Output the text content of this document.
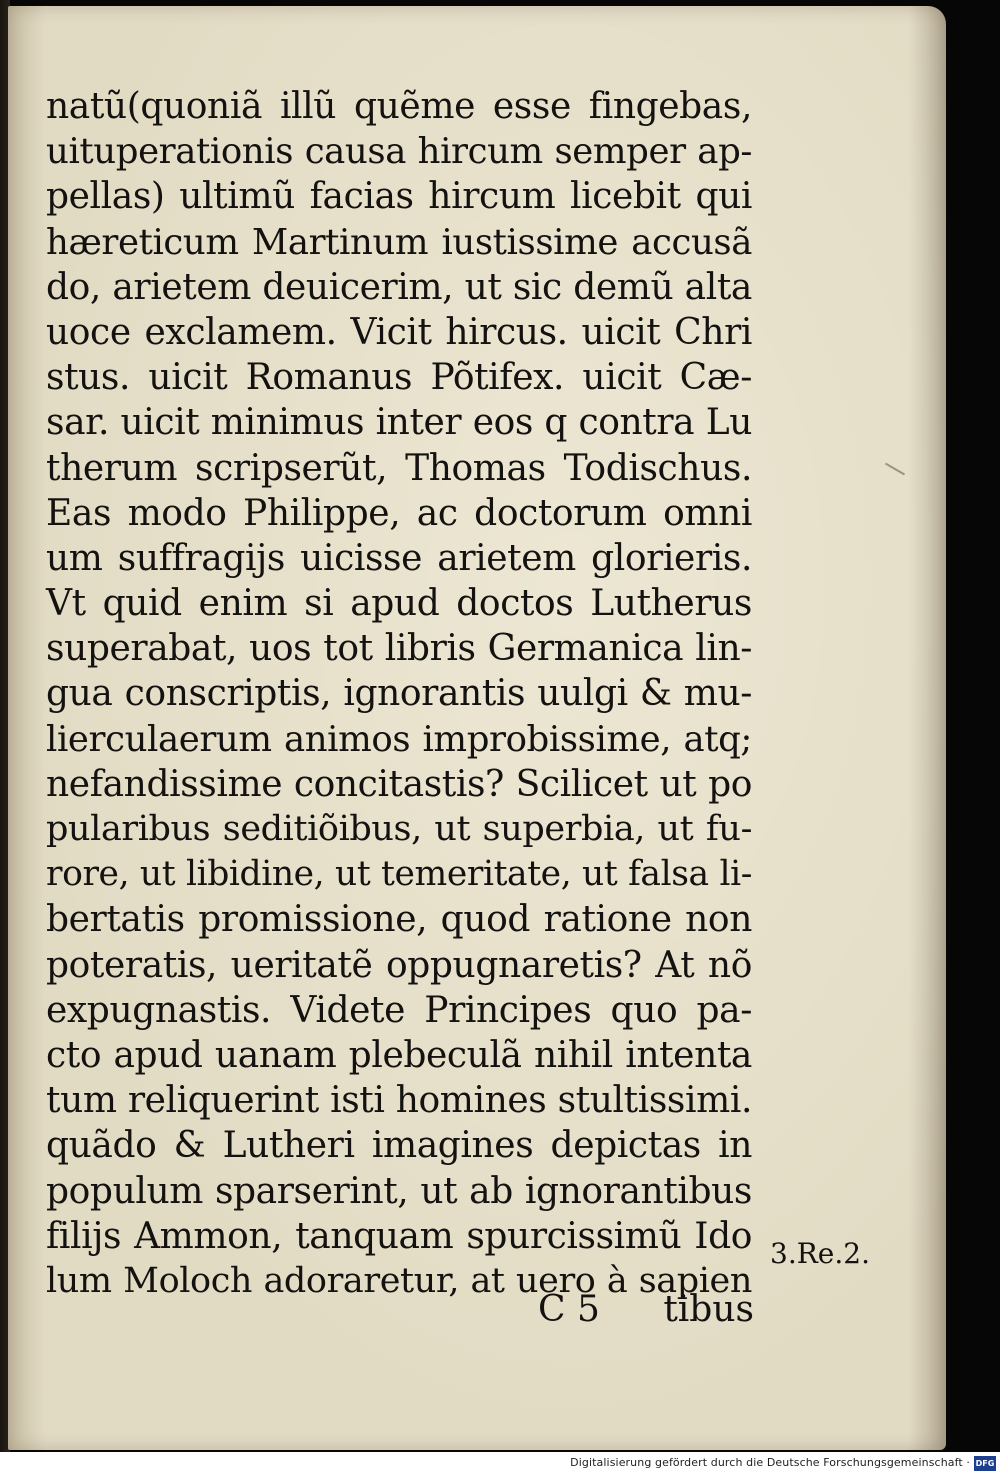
natũ(quoniã illũ quẽme esse fingebas,
uituperationis causa hircum semper ap-
pellas) ultimũ facias hircum licebit qui
hæreticum Martinum iustissime accusã
do, arietem deuicerim, ut sic demũ alta
uoce exclamem. Vicit hircus. uicit Chri
stus. uicit Romanus Põtifex. uicit Cæ-
sar. uicit minimus inter eos q contra Lu
therum scripserũt, Thomas Todischus.
Eas modo Philippe, ac doctorum omni
um suffragijs uicisse arietem glorieris.
Vt quid enim si apud doctos Lutherus
superabat, uos tot libris Germanica lin-
gua conscriptis, ignorantis uulgi & mu-
lierculaerum animos improbissime, atq;
nefandissime concitastis? Scilicet ut po
pularibus seditiõibus, ut superbia, ut fu-
rore, ut libidine, ut temeritate, ut falsa li-
bertatis promissione, quod ratione non
poteratis, ueritatẽ oppugnaretis? At nõ
expugnastis. Videte Principes quo pa-
cto apud uanam plebeculã nihil intenta
tum reliquerint isti homines stultissimi.
quãdo & Lutheri imagines depictas in
populum sparserint, ut ab ignorantibus
filijs Ammon, tanquam spurcissimũ Ido
lum Moloch adoraretur, at uero à sapien
C 5 tibus
3.Re.2.
Digitalisierung gefördert durch die Deutsche Forschungsgemeinschaft · DFG
